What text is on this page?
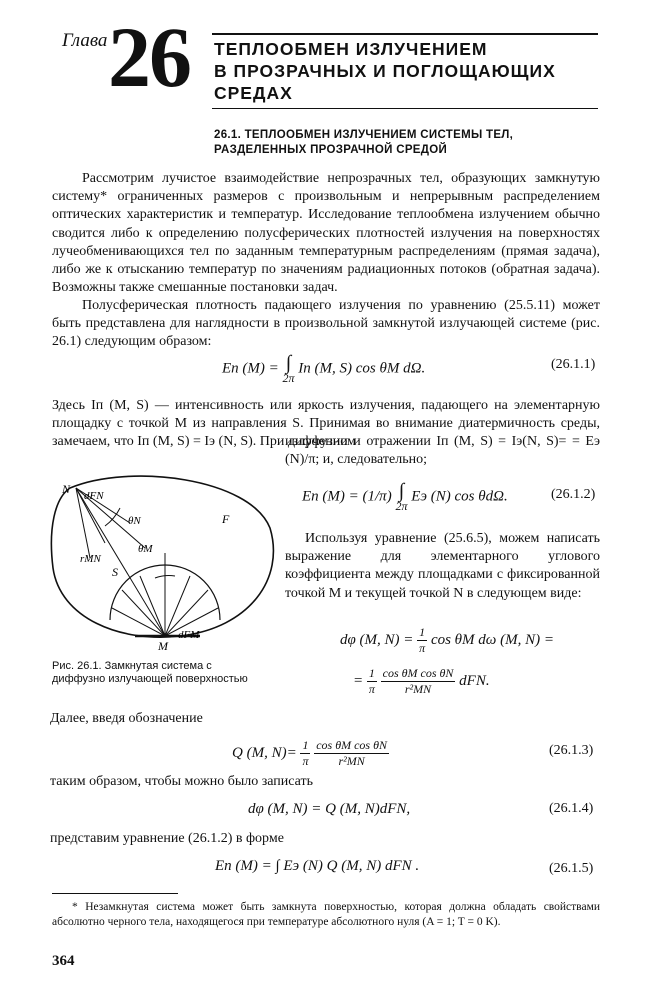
Глава 26 ТЕПЛООБМЕН ИЗЛУЧЕНИЕМ
В ПРОЗРАЧНЫХ И ПОГЛОЩАЮЩИХ
СРЕДАХ
26.1. ТЕПЛООБМЕН ИЗЛУЧЕНИЕМ СИСТЕМЫ ТЕЛ,
РАЗДЕЛЕННЫХ ПРОЗРАЧНОЙ СРЕДОЙ
Рассмотрим лучистое взаимодействие непрозрачных тел, образующих замкнутую систему* ограниченных размеров с произвольным и непрерывным распределением оптических характеристик и температур. Исследование теплообмена излучением обычно сводится либо к определению полусферических плотностей излучения на поверхностях лучеобменивающихся тел по заданным температурным распределениям (прямая задача), либо же к отысканию температур по значениям радиационных потоков (обратная задача). Возможны также смешанные постановки задач.
Полусферическая плотность падающего излучения по уравнению (25.5.11) может быть представлена для наглядности в произвольной замкнутой излучающей системе (рис. 26.1) следующим образом:
Eп (M) = ∫
2π Iп (M, S) cos θM dΩ.	(26.1.1)
Здесь Iп (M, S) — интенсивность или яркость излучения, падающего на элементарную площадку с точкой M из направления S. Принимая во внимание диатермичность среды, замечаем, что Iп (M, S) = Iэ (N, S). При диффузном
излучении и отражении Iп (M, S) = Iэ(N, S)= = Eэ (N)/π; и, следовательно;
Eп (M) = (1/π) ∫
2π Eэ (N) cos θdΩ.	(26.1.2)
Используя уравнение (25.6.5), можем написать выражение для элементарного углового коэффициента между площадками с фиксированной точкой M и текущей точкой N в следующем виде:
dφ (M, $N) = \frac{1}{\pi}$ cos θM dω (M, N) =
= $\frac{1}{\pi}$
$\frac{\text{cos θM cos θN}}{\text{r²MN}}$ dFN.
N dFN
θN	F
θM
rMN
S
M
dFM
Рис. 26.1. Замкнутая система с диффузно излучающей поверхностью
Далее, введя обозначение
Q (M, $N)= \frac{1}{\pi}$
$\frac{\text{cos θM cos θN}}{\text{r²MN}}$	(26.1.3)
таким образом, чтобы можно было записать
dφ (M, N) = Q (M, N)dFN,	(26.1.4)
представим уравнение (26.1.2) в форме
Eп (M) = ∫ Eэ (N) Q (M, N) dFN .	(26.1.5)
* Незамкнутая система может быть замкнута поверхностью, которая должна обладать свойствами абсолютно черного тела, находящегося при температуре абсолютного нуля (A = 1; T = 0 K).
364
